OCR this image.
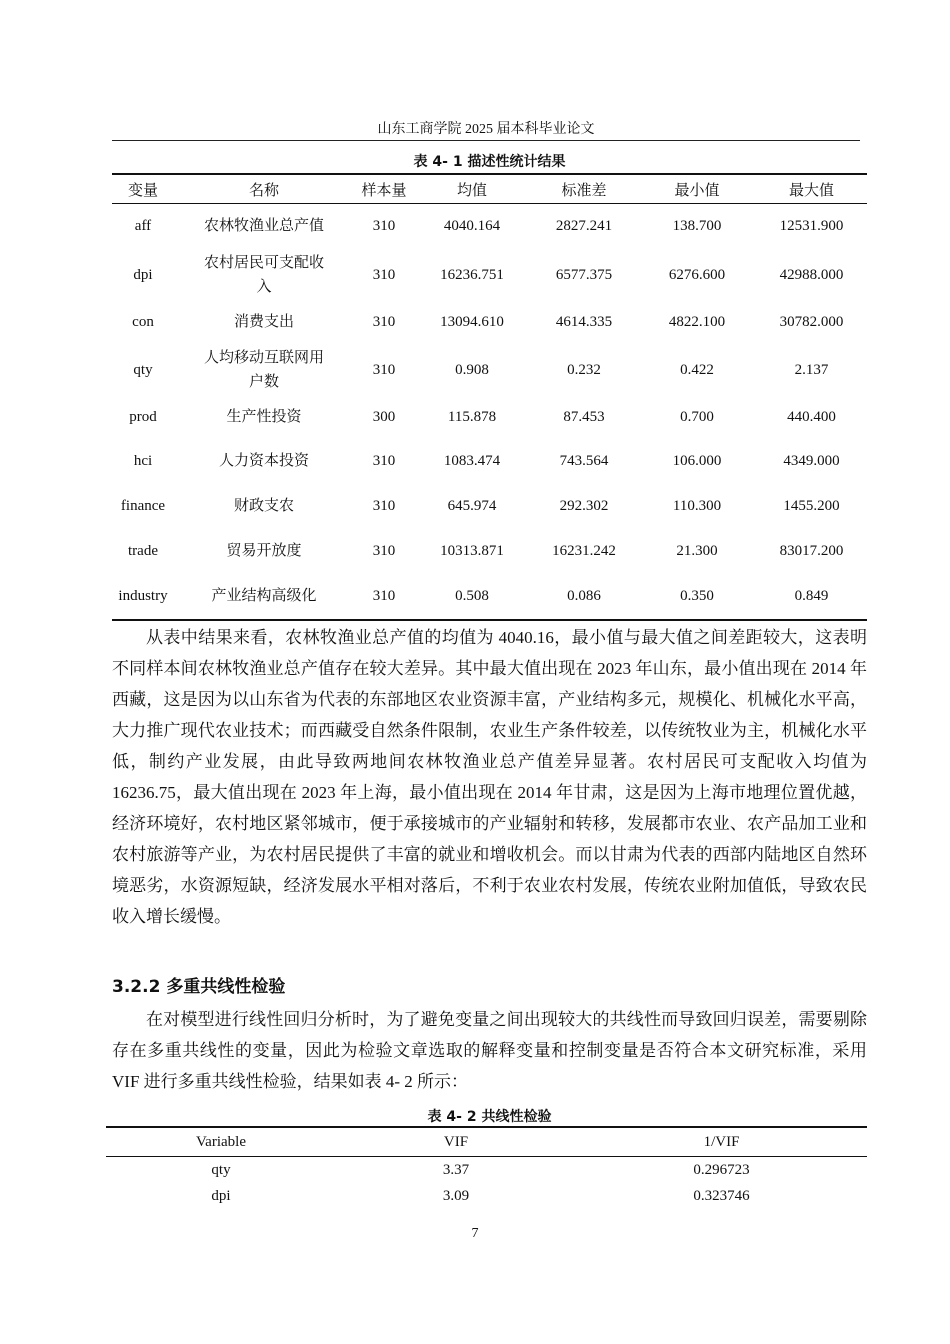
山东工商学院 2025 届本科毕业论文
表 4- 1 描述性统计结果
变量	名称	样本量	均值	标准差	最小值	最大值
aff	农林牧渔业总产值	310	4040.164	2827.241	138.700	12531.900
dpi	农村居民可支配收入	310	16236.751	6577.375	6276.600	42988.000
con	消费支出	310	13094.610	4614.335	4822.100	30782.000
qty	人均移动互联网用户数	310	0.908	0.232	0.422	2.137
prod	生产性投资	300	115.878	87.453	0.700	440.400
hci	人力资本投资	310	1083.474	743.564	106.000	4349.000
finance	财政支农	310	645.974	292.302	110.300	1455.200
trade	贸易开放度	310	10313.871	16231.242	21.300	83017.200
industry	产业结构高级化	310	0.508	0.086	0.350	0.849

从表中结果来看，农林牧渔业总产值的均值为 4040.16，最小值与最大值之间差距较大，这表明不同样本间农林牧渔业总产值存在较大差异。其中最大值出现在 2023 年山东，最小值出现在 2014 年西藏，这是因为以山东省为代表的东部地区农业资源丰富，产业结构多元，规模化、机械化水平高，大力推广现代农业技术；而西藏受自然条件限制，农业生产条件较差，以传统牧业为主，机械化水平低，制约产业发展，由此导致两地间农林牧渔业总产值差异显著。农村居民可支配收入均值为 16236.75，最大值出现在 2023 年上海，最小值出现在 2014 年甘肃，这是因为上海市地理位置优越，经济环境好，农村地区紧邻城市，便于承接城市的产业辐射和转移，发展都市农业、农产品加工业和农村旅游等产业，为农村居民提供了丰富的就业和增收机会。而以甘肃为代表的西部内陆地区自然环境恶劣，水资源短缺，经济发展水平相对落后，不利于农业农村发展，传统农业附加值低，导致农民收入增长缓慢。

3.2.2 多重共线性检验

在对模型进行线性回归分析时，为了避免变量之间出现较大的共线性而导致回归误差，需要剔除存在多重共线性的变量，因此为检验文章选取的解释变量和控制变量是否符合本文研究标准，采用 VIF 进行多重共线性检验，结果如表 4- 2 所示：

表 4- 2 共线性检验
Variable	VIF	1/VIF
qty	3.37	0.296723
dpi	3.09	0.323746
7
